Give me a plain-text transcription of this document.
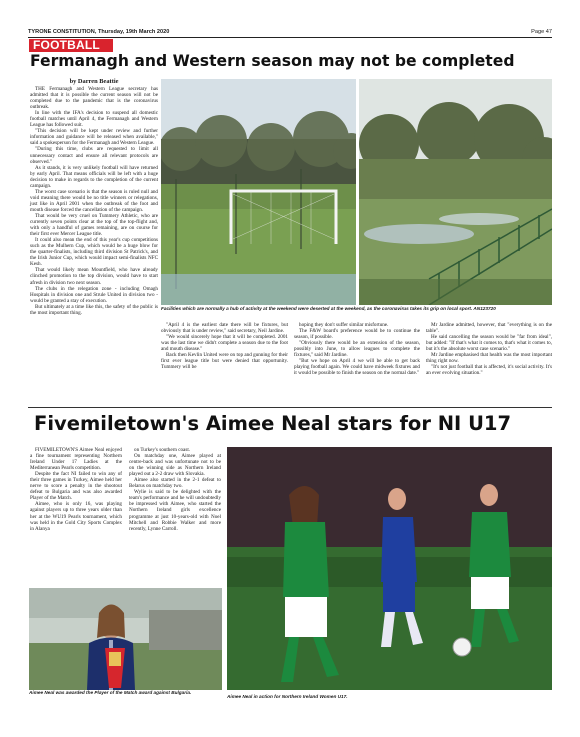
TYRONE CONSTITUTION, Thursday, 19th March 2020	Page 47
FOOTBALL
Fermanagh and Western season may not be completed

by Darren Beattie

THE Fermanagh and Western League secretary has admitted that it is possible the current season will not be completed due to the pandemic that is the coronavirus outbreak.

In line with the IFA's decision to suspend all domestic football matches until April 4, the Fermanagh and Western League has followed suit.

"This decision will be kept under review and further information and guidance will be released when available," said a spokesperson for the Fermanagh and Western League.

"During this time, clubs are requested to limit all unnecessary contact and ensure all relevant protocols are observed."

As it stands, it is very unlikely football will have returned by early April. That means officials will be left with a huge decision to make in regards to the completion of the current campaign.

The worst case scenario is that the season is ruled null and void meaning there would be no title winners or relegations, just like in April 2001 when the outbreak of the foot and mouth disease forced the cancellation of the campaign.

That would be very cruel on Tummery Athletic, who are currently seven points clear at the top of the top-flight and, with only a handful of games remaining, are on course for their first ever Mercer League title.

It could also mean the end of this year's cup competitions such as the Mulhern Cup, which would be a huge blow for the quarter-finalists, including third division St Patrick's, and the Irish Junior Cup, which would impact semi-finalists NFC Kesh.

That would likely mean Mountfield, who have already clinched promotion to the top division, would have to start afresh in division two next season.

The clubs in the relegation zone - including Omagh Hospitals in division one and Strule United in division two - would be granted a stay of execution.

But ultimately at a time like this, the safety of the public is the most important thing.

Facilities which are normally a hub of activity at the weekend were deserted at the weekend, as the coronavirus takes its grip on local sport. AN123720

"April 4 is the earliest date there will be fixtures, but obviously that is under review," said secretary, Neil Jardine.

"We would sincerely hope that it will be completed. 2001 was the last time we didn't complete a season due to the foot and mouth disease."

Back then Kevlin United were on top and gunning for their first ever league title but were denied that opportunity. Tummery will be

hoping they don't suffer similar misfortune.

The F&W board's preference would be to continue the season, if possible.

"Obviously there would be an extension of the season, possibly into June, to allow leagues to complete the fixtures," said Mr Jardine.

"But we hope on April 4 we will be able to get back playing football again. We could have midweek fixtures and it would be possible to finish the season on the normal date."

Mr Jardine admitted, however, that "everything is on the table".

He said cancelling the season would be "far from ideal", but added: "If that's what it comes to, that's what it comes to, but it's the absolute worst case scenario."

Mr Jardine emphasised that health was the most important thing right now.

"It's not just football that is affected, it's social activity. It's an ever evolving situation."

Fivemiletown's Aimee Neal stars for NI U17

FIVEMILETOWN'S Aimee Neal enjoyed a fine tournament representing Northern Ireland Under 17 Ladies at the Mediterranean Pearls competition.

Despite the fact NI failed to win any of their three games in Turkey, Aimee held her nerve to score a penalty in the shootout defeat to Bulgaria and was also awarded Player of the Match.

Aimee, who is only 16, was playing against players up to three years older than her at the WU19 Pearls tournament, which was held in the Gold City Sports Complex in Alanya

on Turkey's southern coast.

On matchday one, Aimee played at centre-back and was unfortunate not to be on the winning side as Northern Ireland played out a 2-2 draw with Slovakia.

Aimee also started in the 2-1 defeat to Belarus on matchday two.

Wylie is said to be delighted with the team's performance and he will undoubtedly be impressed with Aimee, who started the Northern Ireland girls excellence programme at just 10-years-old with Noel Mitchell and Robbie Walker and more recently, Lynne Carroll.

Aimee Neal was awarded the Player of the Match award against Bulgaria.
Aimee Neal in action for Northern Ireland Women U17.
